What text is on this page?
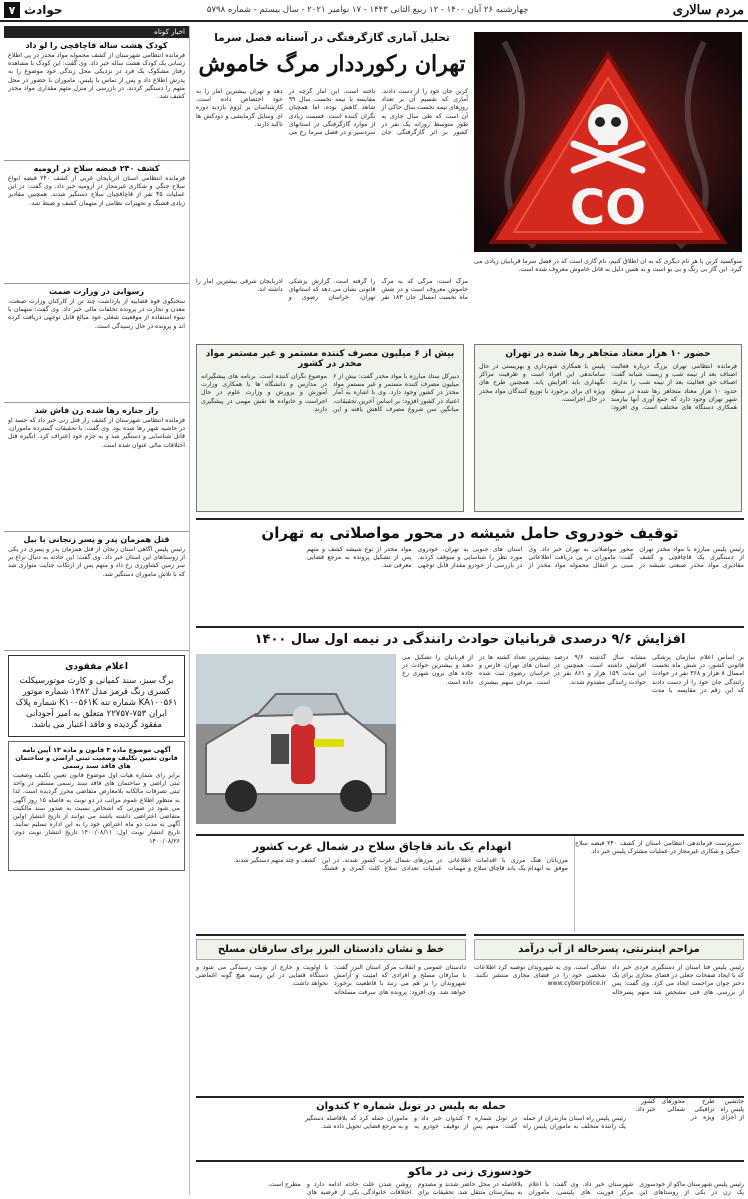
مردم سالاری
چهارشنبه ۲۶ آبان ۱۴۰۰ - ۱۲ ربیع الثانی ۱۴۴۳ - ۱۷ نوامبر ۲۰۲۱ - سال بیستم - شماره ۵۷۹۸
حوادث
۷
CO
تحلیل آماری گازگرفتگی در آستانه فصل سرما
تهران رکورددار مرگ خاموش
کربن جان خود را از دست دادند. آماری که تقسیم آن بر تعداد روزهای نیمه نخست سال حاکی از آن است که طی سال جاری به طور متوسط روزانه یک نفر در کشور بر اثر گازگرفتگی جان باخته است. این آمار گرچه در مقایسه با نیمه نخست سال ۹۹ شاهد کاهش بوده، اما همچنان نگران کننده است. قسمت زیادی از موارد گازگرفتگی در استانهای سردسیر و در فصل سرما رخ می دهد و تهران بیشترین آمار را به خود اختصاص داده است. کارشناسان بر لزوم بازدید دوره ای وسایل گرمایشی و دودکش ها تاکید دارند.
منوکسید کربن یا هر نام دیگری که به آن اطلاق کنیم، نام گازی است که در فصل سرما قربانیان زیادی می گیرد. این گاز بی رنگ و بی بو است و به همین دلیل به قاتل خاموش معروف شده است.
مرگ است. مرگی که به مرگ خاموش معروف است و در شش ماه نخست امسال جان ۱۸۳ نفر را گرفته است. گزارش پزشکی قانونی نشان می دهد که استانهای تهران، خراسان رضوی و آذربایجان شرقی بیشترین آمار را داشته اند.
حضور ۱۰ هزار معتاد متجاهر رها شده در تهران
فرمانده انتظامی تهران بزرگ درباره فعالیت اصناف بعد از نیمه شب و زیست شبانه گفت: اصناف حق فعالیت بعد از نیمه شب را ندارند. حدود ۱۰ هزار معتاد متجاهر رها شده در سطح شهر تهران وجود دارد که جمع آوری آنها نیازمند همکاری دستگاه های مختلف است. وی افزود: پلیس با همکاری شهرداری و بهزیستی در حال ساماندهی این افراد است و ظرفیت مراکز نگهداری باید افزایش یابد. همچنین طرح های ویژه ای برای برخورد با توزیع کنندگان مواد مخدر در حال اجراست.
بیش از ۶ میلیون مصرف کننده مستمر و غیر مستمر مواد مخدر در کشور
دبیرکل ستاد مبارزه با مواد مخدر گفت: بیش از ۶ میلیون مصرف کننده مستمر و غیر مستمر مواد مخدر در کشور وجود دارد. وی با اشاره به آمار اعتیاد در کشور افزود: بر اساس آخرین تحقیقات، میانگین سن شروع مصرف کاهش یافته و این موضوع نگران کننده است. برنامه های پیشگیرانه در مدارس و دانشگاه ها با همکاری وزارت آموزش و پرورش و وزارت علوم در حال اجراست و خانواده ها نقش مهمی در پیشگیری دارند.
توقیف خودروی حامل شیشه در محور مواصلاتی به تهران
رئیس پلیس مبارزه با مواد مخدر تهران از دستگیری یک قاچاقچی و کشف مقادیری مواد مخدر صنعتی شیشه در محور مواصلاتی به تهران خبر داد. وی گفت: ماموران در پی دریافت اطلاعاتی مبنی بر انتقال محموله مواد مخدر از استان های جنوبی به تهران، خودروی مورد نظر را شناسایی و متوقف کردند. در بازرسی از خودرو مقدار قابل توجهی مواد مخدر از نوع شیشه کشف و متهم پس از تشکیل پرونده به مرجع قضایی معرفی شد.
افزایش ۹/۶ درصدی قربانیان حوادث رانندگی در نیمه اول سال ۱۴۰۰
بر اساس اعلام سازمان پزشکی قانونی کشور، در شش ماه نخست امسال ۸ هزار و ۳۶۸ نفر در حوادث رانندگی جان خود را از دست دادند که این رقم در مقایسه با مدت مشابه سال گذشته ۹/۶ درصد افزایش داشته است. همچنین در این مدت ۱۵۹ هزار و ۸۶۱ نفر در حوادث رانندگی مصدوم شدند.
بیشترین تعداد کشته ها در استان های تهران، فارس و خراسان رضوی ثبت شده است. مردان سهم بیشتری از قربانیان را تشکیل می دهند و بیشترین حوادث در جاده های برون شهری رخ داده است.
سرپرست فرماندهی انتظامی استان از کشف ۲۴۰ قبضه سلاح جنگی و شکاری غیرمجاز در عملیات مشترک پلیس خبر داد.
انهدام یک باند قاچاق سلاح در شمال غرب کشور
مرزبانان هنگ مرزی با اقدامات اطلاعاتی موفق به انهدام یک باند قاچاق سلاح و مهمات در مرزهای شمال غرب کشور شدند. در این عملیات تعدادی سلاح کلت کمری و فشنگ کشف و چند متهم دستگیر شدند.
مزاحم اینترنتی، پسرخاله از آب درآمد
رئیس پلیس فتا استان از دستگیری فردی خبر داد که با ایجاد صفحات جعلی در فضای مجازی برای یک دختر جوان مزاحمت ایجاد می کرد. وی گفت: پس از بررسی های فنی مشخص شد متهم پسرخاله شاکی است. وی به شهروندان توصیه کرد اطلاعات شخصی خود را در فضای مجازی منتشر نکنند. www.cyberpolice.ir
خط و نشان دادستان البرز برای سارقان مسلح
دادستان عمومی و انقلاب مرکز استان البرز گفت: با سارقان مسلح و افرادی که امنیت و آرامش شهروندان را بر هم می زنند با قاطعیت برخورد خواهد شد. وی افزود: پرونده های سرقت مسلحانه با اولویت و خارج از نوبت رسیدگی می شود و دستگاه قضایی در این زمینه هیچ گونه اغماضی نخواهد داشت.
جانشین پلیس راه از اجرای طرح ترافیکی ویژه در محورهای شمالی کشور خبر داد.
حمله به پلیس در تونل شماره ۲ کندوان
رئیس پلیس راه استان مازندران از حمله یک راننده متخلف به ماموران پلیس راه در تونل شماره ۲ کندوان خبر داد و گفت: متهم پس از توقیف خودرو به ماموران حمله کرد که بلافاصله دستگیر و به مرجع قضایی تحویل داده شد.
خودسوزی زنی در ماکو
رئیس پلیس شهرستان ماکو از خودسوزی یک زن در یکی از روستاهای این شهرستان خبر داد. وی گفت: با اعلام مرکز فوریت های پلیسی، ماموران بلافاصله در محل حاضر شدند و مصدوم به بیمارستان منتقل شد. تحقیقات برای روشن شدن علت حادثه ادامه دارد و اختلافات خانوادگی یکی از فرضیه های مطرح است.
اخبار کوتاه
کودک هشت ساله قاچاقچی را لو داد
فرمانده انتظامی شهرستان از کشف محموله مواد مخدر در پی اطلاع رسانی یک کودک هشت ساله خبر داد. وی گفت: این کودک با مشاهده رفتار مشکوک یک فرد در نزدیکی محل زندگی خود موضوع را به پدرش اطلاع داد و پس از تماس با پلیس، ماموران با حضور در محل متهم را دستگیر کردند. در بازرسی از منزل متهم مقداری مواد مخدر کشف شد.
کشف ۲۴۰ قبضه سلاح در ارومیه
فرمانده انتظامی استان آذربایجان غربی از کشف ۲۴۰ قبضه انواع سلاح جنگی و شکاری غیرمجاز در ارومیه خبر داد. وی گفت: در این عملیات ۳۵ نفر از قاچاقچیان سلاح دستگیر شدند. همچنین مقادیر زیادی فشنگ و تجهیزات نظامی از متهمان کشف و ضبط شد.
رسوایی در وزارت صمت
سخنگوی قوه قضاییه از بازداشت چند تن از کارکنان وزارت صنعت، معدن و تجارت در پرونده تخلفات مالی خبر داد. وی گفت: متهمان با سوء استفاده از موقعیت شغلی خود مبالغ قابل توجهی دریافت کرده اند و پرونده در حال رسیدگی است.
راز جنازه رها شده زن فاش شد
فرمانده انتظامی شهرستان از کشف راز قتل زنی خبر داد که جسد او در حاشیه شهر رها شده بود. وی گفت: با تحقیقات گسترده ماموران، قاتل شناسایی و دستگیر شد و به جرم خود اعتراف کرد. انگیزه قتل اختلافات مالی عنوان شده است.
قتل همزمان پدر و پسر زنجانی با بیل
رئیس پلیس آگاهی استان زنجان از قتل همزمان پدر و پسری در یکی از روستاهای این استان خبر داد. وی گفت: این حادثه به دنبال نزاع بر سر زمین کشاورزی رخ داد و متهم پس از ارتکاب جنایت متواری شد که با تلاش ماموران دستگیر شد.
اعلام مفقودی
برگ سبز، سند کمپانی و کارت موتورسیکلت کسری رنگ قرمز مدل ۱۳۸۲ شماره موتور KA۱۰۰۵۶۱ شماره تنه K۱۰۰۵۶۱K شماره پلاک ایران ۷۵۳-۲۲۷۵۷ متعلق به امیر آجودانی مفقود گردیده و فاقد اعتبار می باشد.
آگهی موضوع ماده ۳ قانون و ماده ۱۳ آیین نامه قانون تعیین تکلیف وضعیت ثبتی اراضی و ساختمان های فاقد سند رسمی
برابر رای شماره هیات اول موضوع قانون تعیین تکلیف وضعیت ثبتی اراضی و ساختمان های فاقد سند رسمی مستقر در واحد ثبتی تصرفات مالکانه بلامعارض متقاضی محرز گردیده است. لذا به منظور اطلاع عموم مراتب در دو نوبت به فاصله ۱۵ روز آگهی می شود در صورتی که اشخاص نسبت به صدور سند مالکیت متقاضی اعتراضی داشته باشند می توانند از تاریخ انتشار اولین آگهی به مدت دو ماه اعتراض خود را به این اداره تسلیم نمایند. تاریخ انتشار نوبت اول: ۱۴۰۰/۰۸/۱۱ تاریخ انتشار نوبت دوم: ۱۴۰۰/۰۸/۲۶
